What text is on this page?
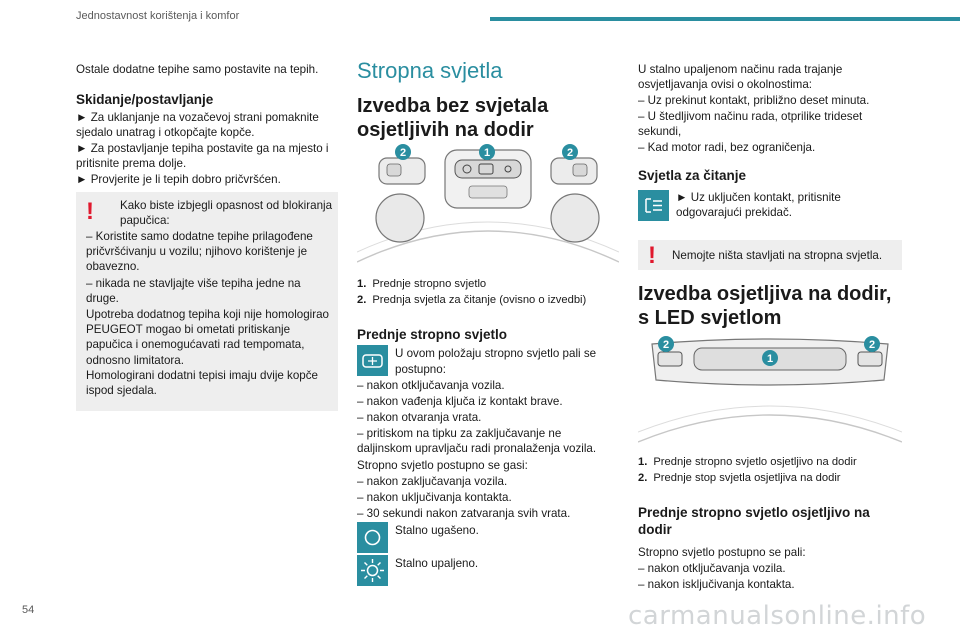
Jednostavnost korištenja i komfor
54	carmanualsonline.info

Ostale dodatne tepihe samo postavite na tepih.

Skidanje/postavljanje

► Za uklanjanje na vozačevoj strani pomaknite sjedalo unatrag i otkopčajte kopče.

► Za postavljanje tepiha postavite ga na mjesto i pritisnite prema dolje.

► Provjerite je li tepih dobro pričvršćen.

! Kako biste izbjegli opasnost od blokiranja

papučica:

– Koristite samo dodatne tepihe prilagođene pričvršćivanju u vozilu; njihovo korištenje je obavezno.

– nikada ne stavljajte više tepiha jedne na druge.

Upotreba dodatnog tepiha koji nije homologirao PEUGEOT mogao bi ometati pritiskanje papučica i onemogućavati rad tempomata, odnosno limitatora.

Homologirani dodatni tepisi imaju dvije kopče ispod sjedala.

Stropna svjetla
Izvedba bez svjetala osjetljivih na dodir
2	1	2
1. Prednje stropno svjetlo
2. Prednja svjetla za čitanje (ovisno o izvedbi)
Prednje stropno svjetlo

U ovom položaju stropno svjetlo pali se

postupno:

– nakon otključavanja vozila.

– nakon vađenja ključa iz kontakt brave.

– nakon otvaranja vrata.

– pritiskom na tipku za zaključavanje ne daljinskom upravljaču radi pronalaženja vozila.

Stropno svjetlo postupno se gasi:

– nakon zaključavanja vozila.

– nakon uključivanja kontakta.

– 30 sekundi nakon zatvaranja svih vrata.

Stalno ugašeno.

Stalno upaljeno.

U stalno upaljenom načinu rada trajanje osvjetljavanja ovisi o okolnostima:

– Uz prekinut kontakt, približno deset minuta.

– U štedljivom načinu rada, otprilike trideset sekundi,

– Kad motor radi, bez ograničenja.

Svjetla za čitanje

► Uz uključen kontakt, pritisnite odgovarajući prekidač.

! Nemojte ništa stavljati na stropna svjetla.

Izvedba osjetljiva na dodir, s LED svjetlom
2
1
2
1. Prednje stropno svjetlo osjetljivo na dodir
2. Prednje stop svjetla osjetljiva na dodir
Prednje stropno svjetlo osjetljivo na dodir

Stropno svjetlo postupno se pali:

– nakon otključavanja vozila.

– nakon isključivanja kontakta.
